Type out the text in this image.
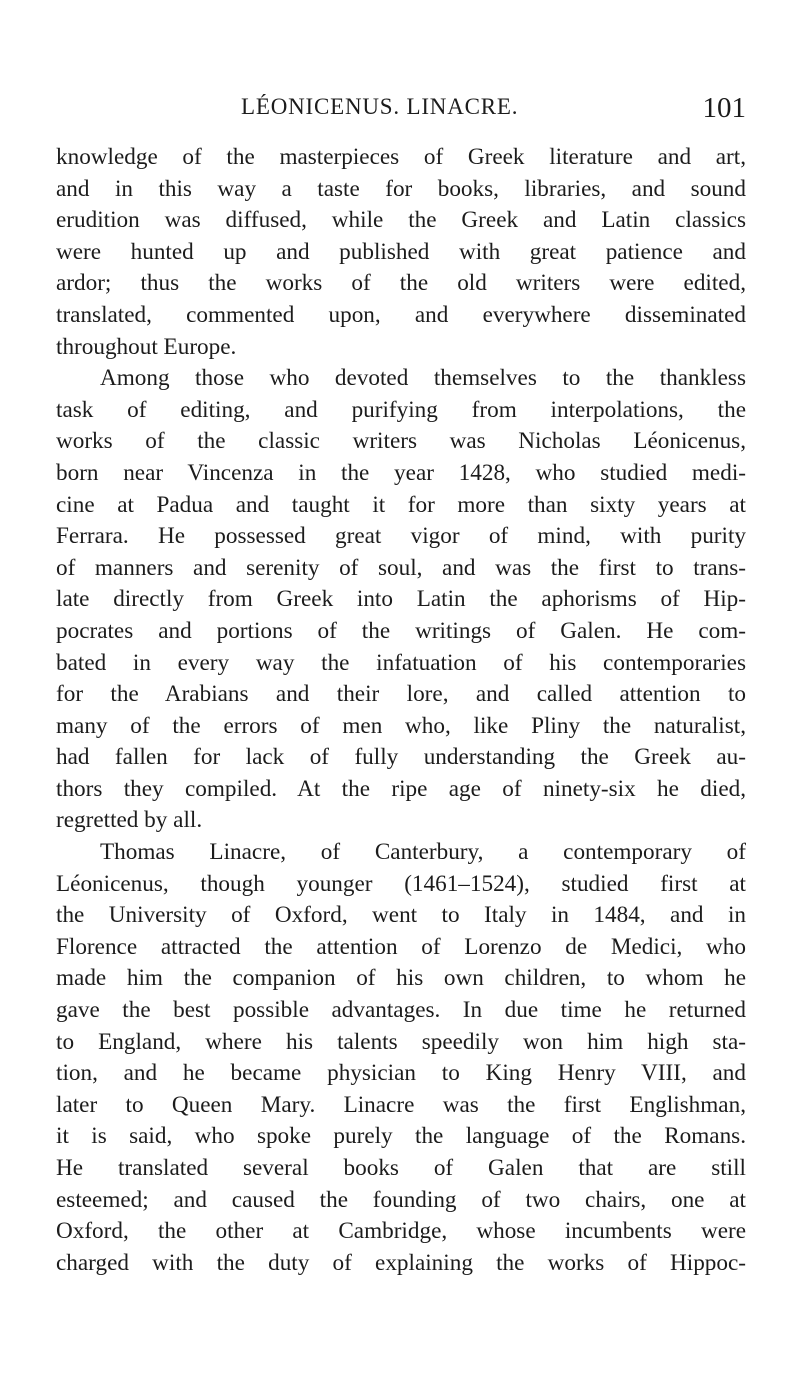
LÉONICENUS. LINACRE.	101
knowledge of the masterpieces of Greek literature and art,
and in this way a taste for books, libraries, and sound
erudition was diffused, while the Greek and Latin classics
were hunted up and published with great patience and
ardor; thus the works of the old writers were edited,
translated, commented upon, and everywhere disseminated
throughout Europe.
Among those who devoted themselves to the thankless
task of editing, and purifying from interpolations, the
works of the classic writers was Nicholas Léonicenus,
born near Vincenza in the year 1428, who studied medi-
cine at Padua and taught it for more than sixty years at
Ferrara. He possessed great vigor of mind, with purity
of manners and serenity of soul, and was the first to trans-
late directly from Greek into Latin the aphorisms of Hip-
pocrates and portions of the writings of Galen. He com-
bated in every way the infatuation of his contemporaries
for the Arabians and their lore, and called attention to
many of the errors of men who, like Pliny the naturalist,
had fallen for lack of fully understanding the Greek au-
thors they compiled. At the ripe age of ninety-six he died,
regretted by all.
Thomas Linacre, of Canterbury, a contemporary of
Léonicenus, though younger (1461–1524), studied first at
the University of Oxford, went to Italy in 1484, and in
Florence attracted the attention of Lorenzo de Medici, who
made him the companion of his own children, to whom he
gave the best possible advantages. In due time he returned
to England, where his talents speedily won him high sta-
tion, and he became physician to King Henry VIII, and
later to Queen Mary. Linacre was the first Englishman,
it is said, who spoke purely the language of the Romans.
He translated several books of Galen that are still
esteemed; and caused the founding of two chairs, one at
Oxford, the other at Cambridge, whose incumbents were
charged with the duty of explaining the works of Hippoc-
